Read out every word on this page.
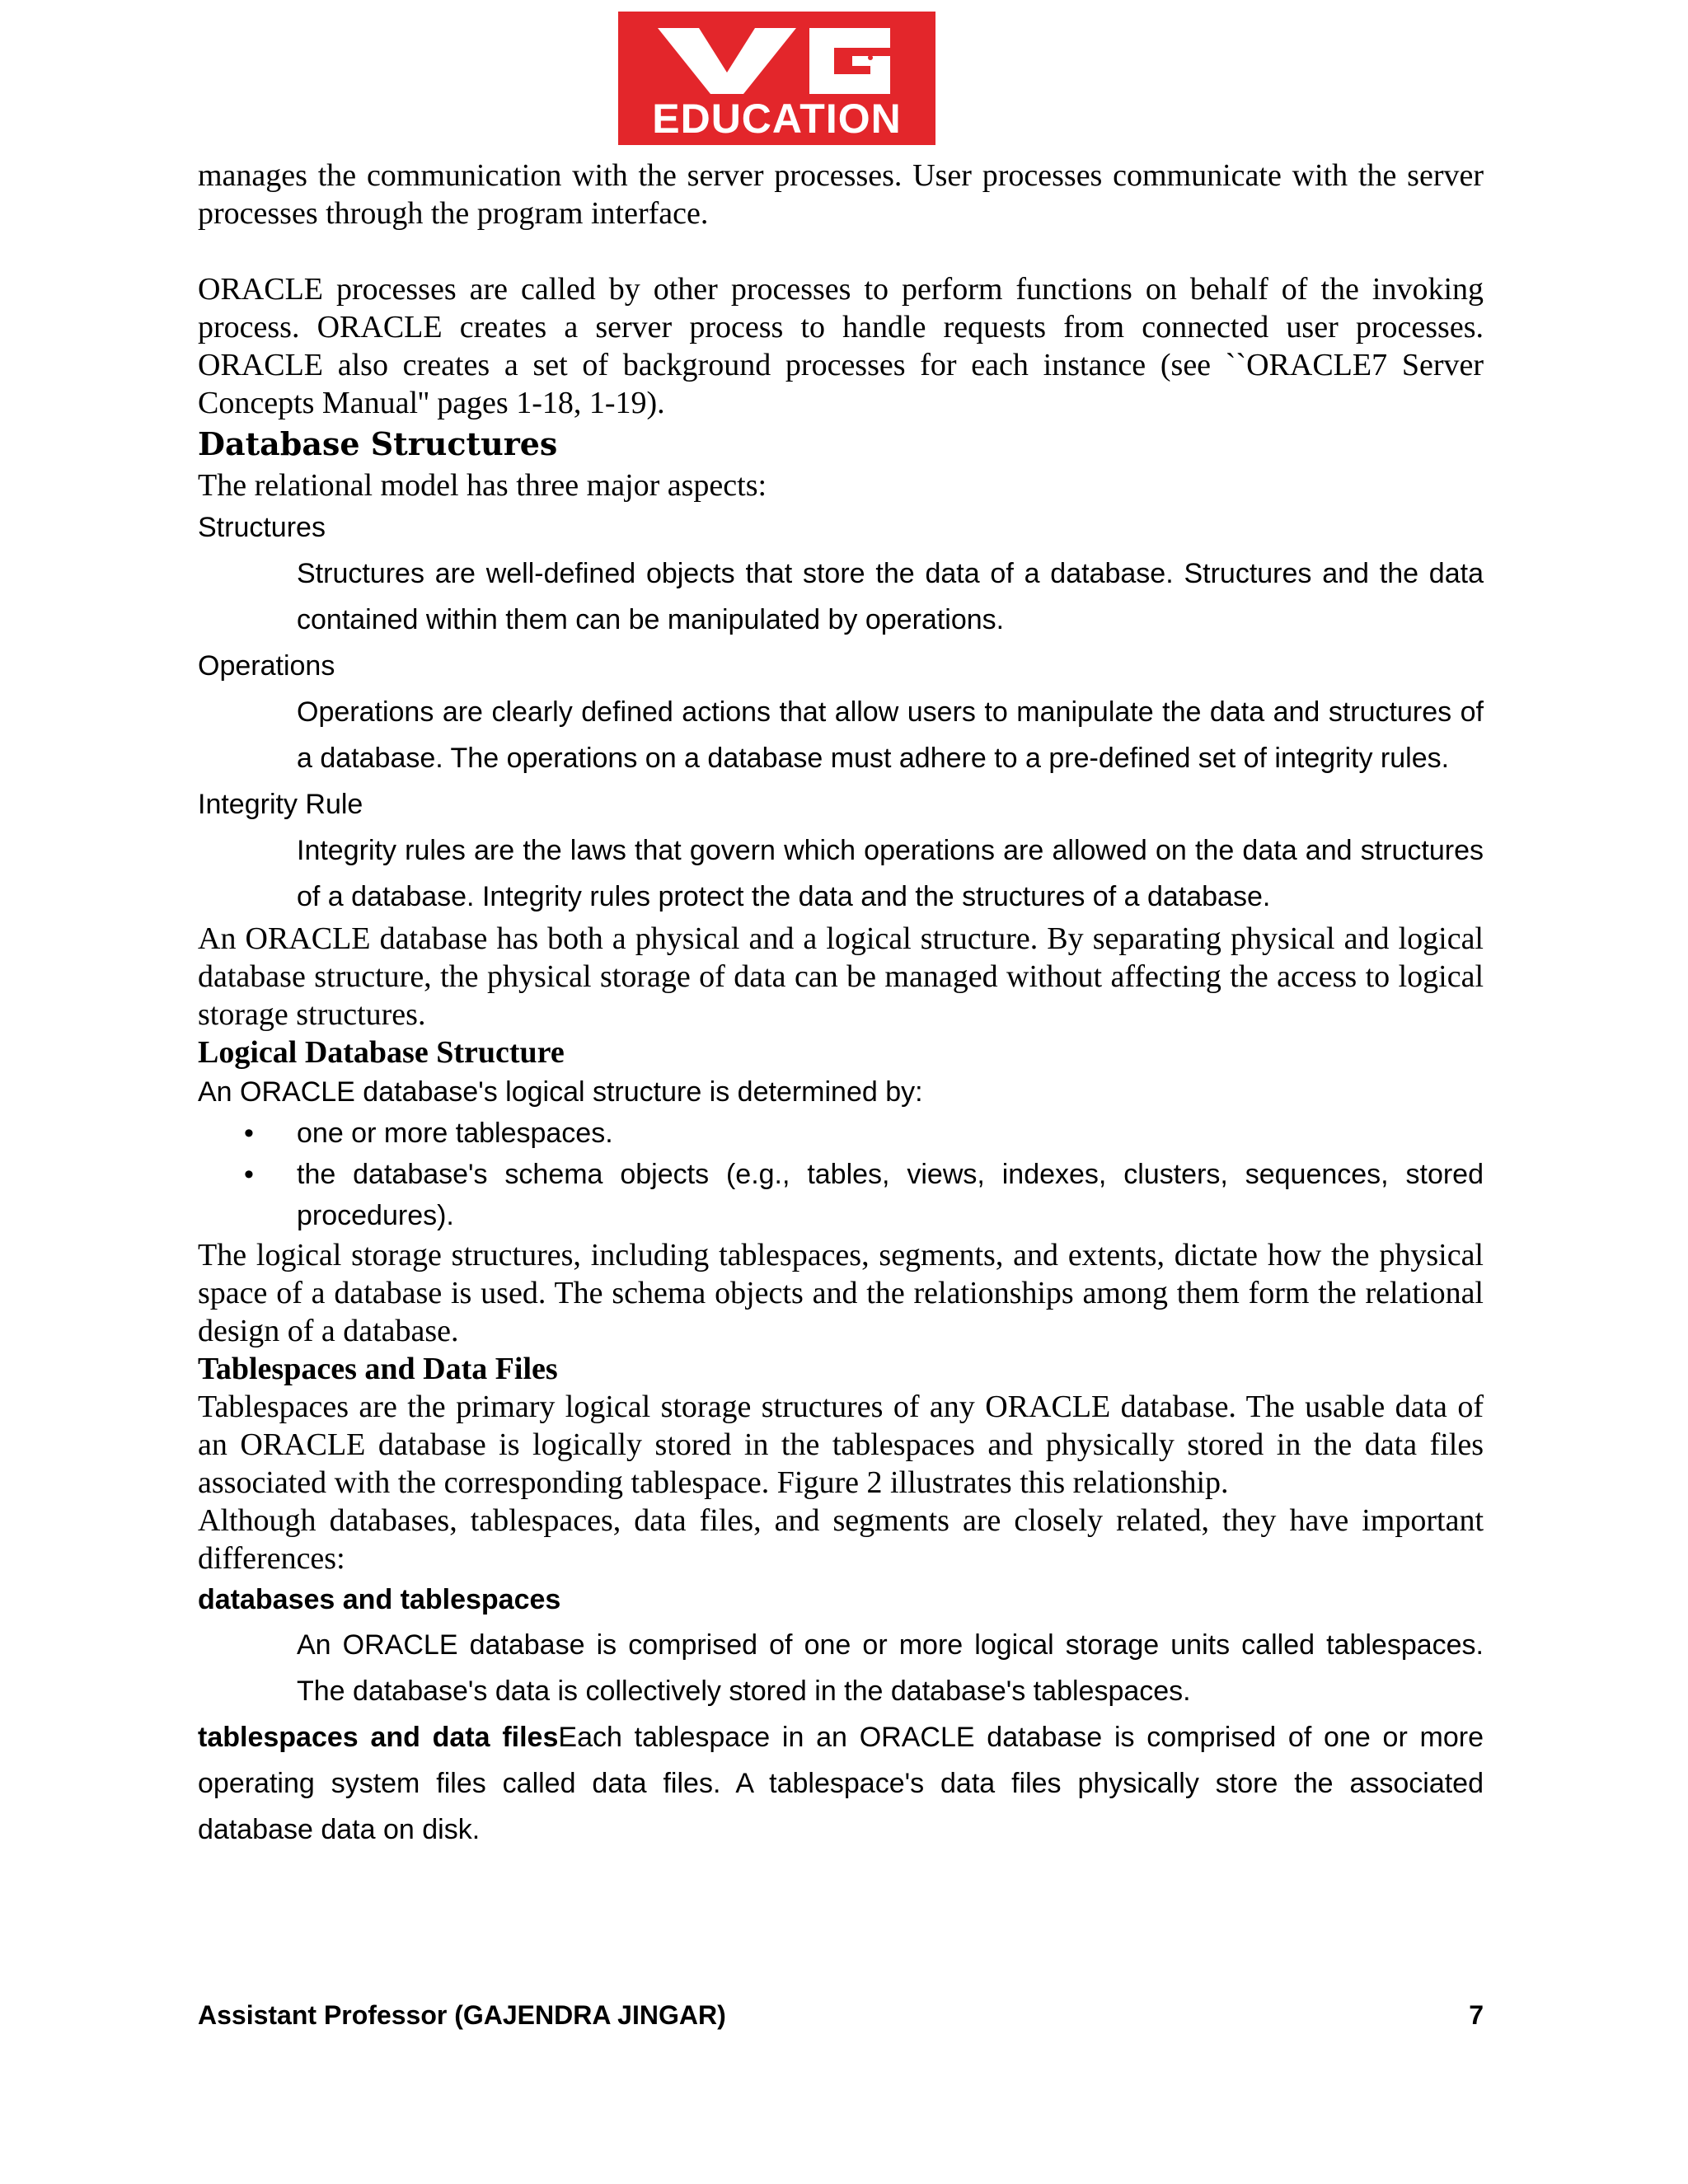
EDUCATION

manages the communication with the server processes. User processes communicate with the server processes through the program interface.

ORACLE processes are called by other processes to perform functions on behalf of the invoking process. ORACLE creates a server process to handle requests from connected user processes. ORACLE also creates a set of background processes for each instance (see ``ORACLE7 Server Concepts Manual'' pages 1-18, 1-19).

Database Structures

The relational model has three major aspects:

Structures

Structures are well-defined objects that store the data of a database. Structures and the data contained within them can be manipulated by operations.

Operations

Operations are clearly defined actions that allow users to manipulate the data and structures of a database. The operations on a database must adhere to a pre-defined set of integrity rules.

Integrity Rule

Integrity rules are the laws that govern which operations are allowed on the data and structures of a database. Integrity rules protect the data and the structures of a database.

An ORACLE database has both a physical and a logical structure. By separating physical and logical database structure, the physical storage of data can be managed without affecting the access to logical storage structures.

Logical Database Structure

An ORACLE database's logical structure is determined by:

• one or more tablespaces.
• the database's schema objects (e.g., tables, views, indexes, clusters, sequences, stored procedures).

The logical storage structures, including tablespaces, segments, and extents, dictate how the physical space of a database is used. The schema objects and the relationships among them form the relational design of a database.

Tablespaces and Data Files

Tablespaces are the primary logical storage structures of any ORACLE database. The usable data of an ORACLE database is logically stored in the tablespaces and physically stored in the data files associated with the corresponding tablespace. Figure 2 illustrates this relationship.

Although databases, tablespaces, data files, and segments are closely related, they have important differences:

databases and tablespaces

An ORACLE database is comprised of one or more logical storage units called tablespaces. The database's data is collectively stored in the database's tablespaces.

tablespaces and data filesEach tablespace in an ORACLE database is comprised of one or more operating system files called data files. A tablespace's data files physically store the associated database data on disk.

Assistant Professor (GAJENDRA JINGAR)	7
